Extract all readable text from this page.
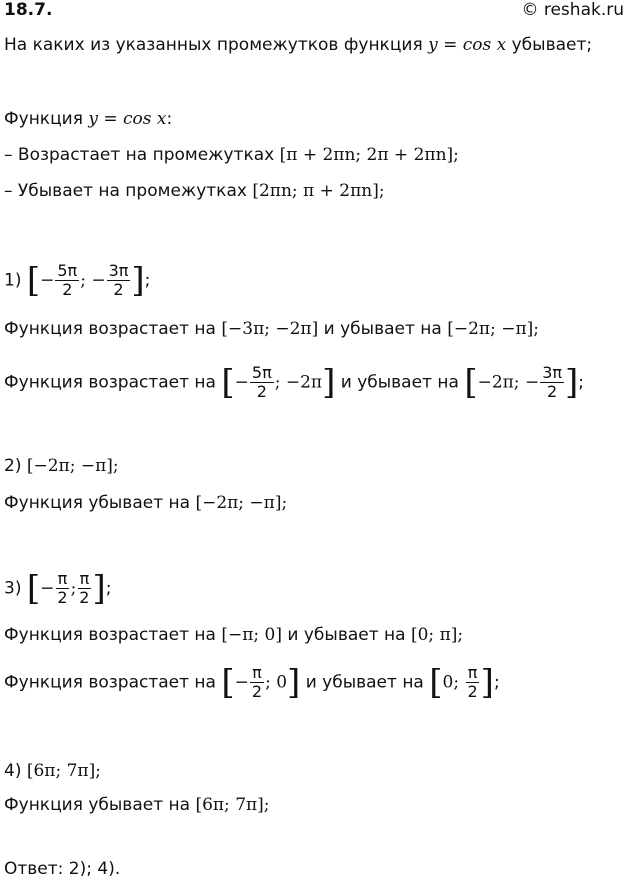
18.7.	© reshak.ru
На каких из указанных промежутков функция y = cos x убывает;
Функция y = cos x:
– Возрастает на промежутках [π + 2πn; 2π + 2πn];
– Убывает на промежутках [2πn; π + 2πn];
1) [− $\frac{5\pi}{2}$ ; − $\frac{3\pi}{2}$ ];
Функция возрастает на [−3π; −2π] и убывает на [−2π; −π];
Функция возрастает на [− $\frac{5\pi}{2}$ ; −2π] и убывает на [−2π; − $\frac{3\pi}{2}$ ];
2) [−2π; −π];
Функция убывает на [−2π; −π];
3) [− $\frac{\pi}{2}$ ; $\frac{\pi}{2}$ ];
Функция возрастает на [−π; 0] и убывает на [0; π];
Функция возрастает на [− $\frac{\pi}{2}$ ; 0] и убывает на [0; $\frac{\pi}{2}$ ];
4) [6π; 7π];
Функция убывает на [6π; 7π];
Ответ: 2); 4).
